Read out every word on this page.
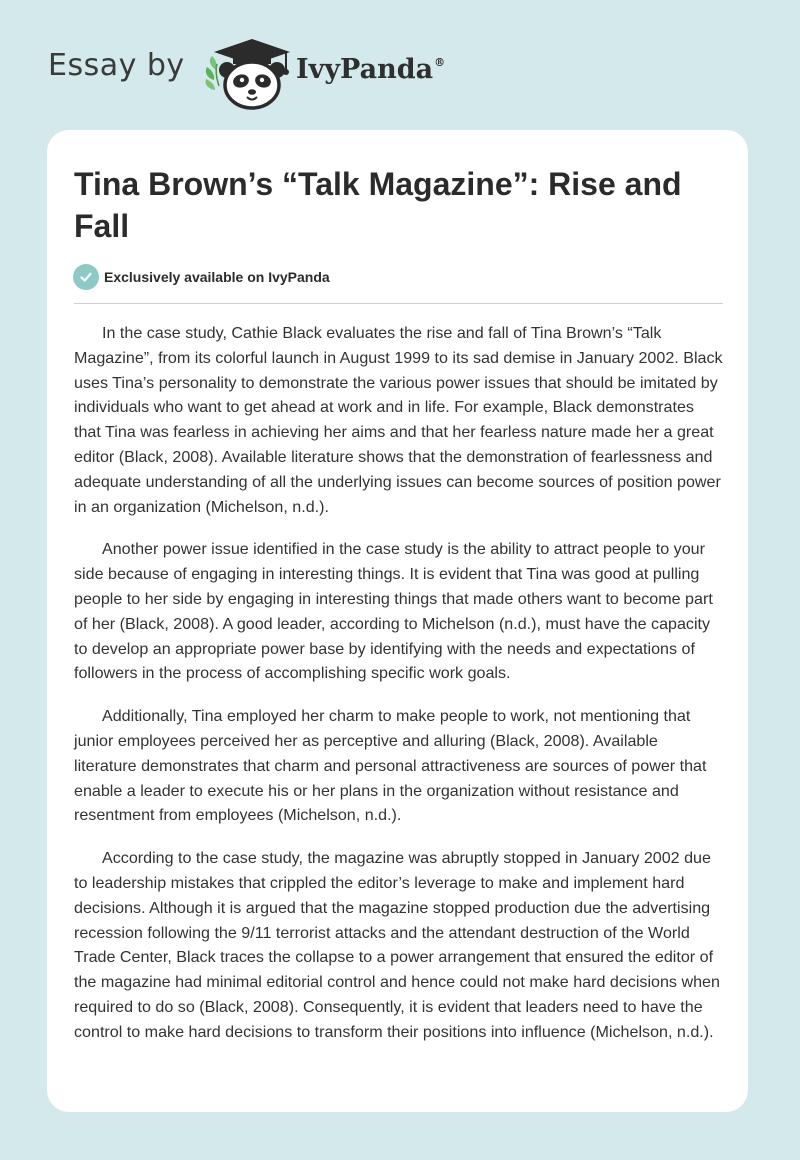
Essay by	IvyPanda®
Tina Brown’s “Talk Magazine”: Rise and Fall
Exclusively available on IvyPanda

In the case study, Cathie Black evaluates the rise and fall of Tina Brown’s “Talk Magazine”, from its colorful launch in August 1999 to its sad demise in January 2002. Black uses Tina’s personality to demonstrate the various power issues that should be imitated by individuals who want to get ahead at work and in life. For example, Black demonstrates that Tina was fearless in achieving her aims and that her fearless nature made her a great editor (Black, 2008). Available literature shows that the demonstration of fearlessness and adequate understanding of all the underlying issues can become sources of position power in an organization (Michelson, n.d.).

Another power issue identified in the case study is the ability to attract people to your side because of engaging in interesting things. It is evident that Tina was good at pulling people to her side by engaging in interesting things that made others want to become part of her (Black, 2008). A good leader, according to Michelson (n.d.), must have the capacity to develop an appropriate power base by identifying with the needs and expectations of followers in the process of accomplishing specific work goals.

Additionally, Tina employed her charm to make people to work, not mentioning that junior employees perceived her as perceptive and alluring (Black, 2008). Available literature demonstrates that charm and personal attractiveness are sources of power that enable a leader to execute his or her plans in the organization without resistance and resentment from employees (Michelson, n.d.).

According to the case study, the magazine was abruptly stopped in January 2002 due to leadership mistakes that crippled the editor’s leverage to make and implement hard decisions. Although it is argued that the magazine stopped production due the advertising recession following the 9/11 terrorist attacks and the attendant destruction of the World Trade Center, Black traces the collapse to a power arrangement that ensured the editor of the magazine had minimal editorial control and hence could not make hard decisions when required to do so (Black, 2008). Consequently, it is evident that leaders need to have the control to make hard decisions to transform their positions into influence (Michelson, n.d.).
